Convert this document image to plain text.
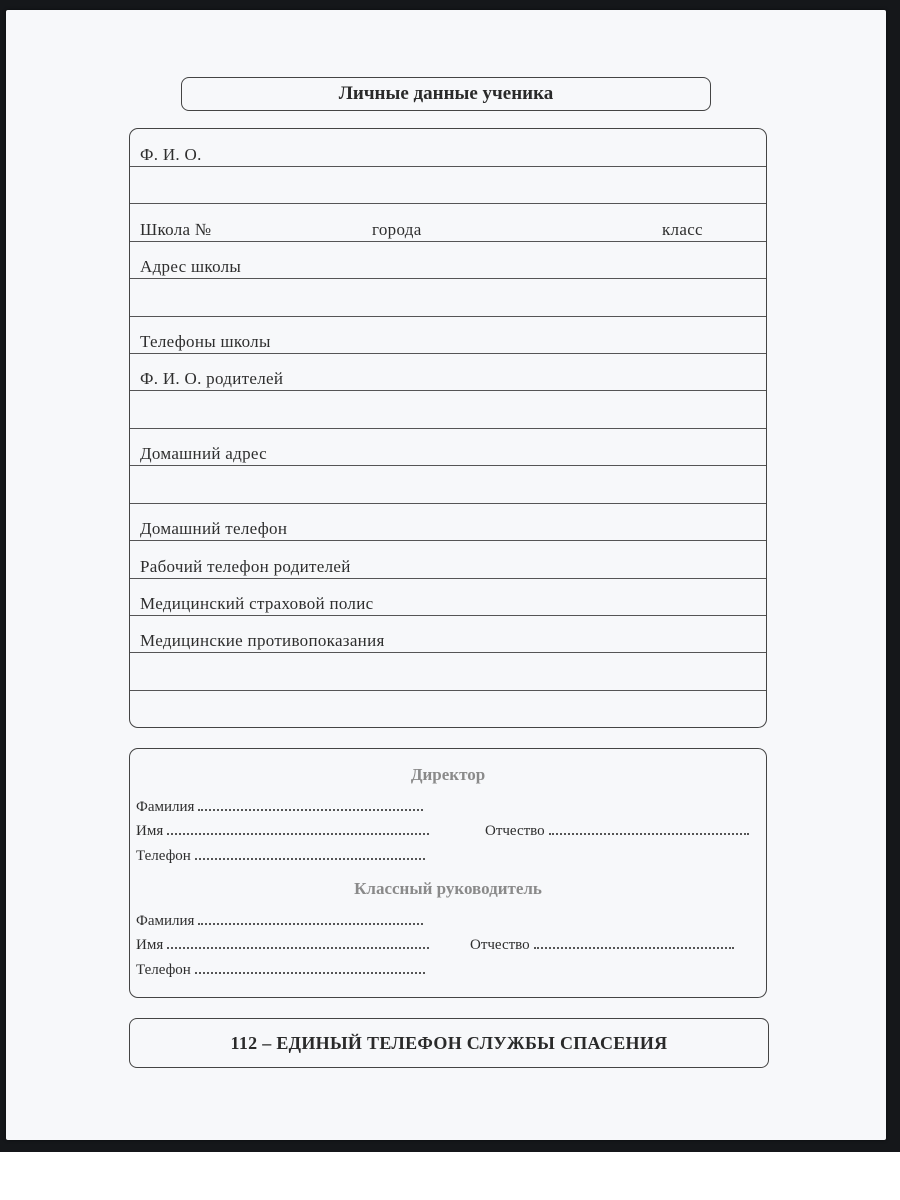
Личные данные ученика
Ф. И. О.
Школа №	города	класс
Адрес школы
Телефоны школы
Ф. И. О. родителей
Домашний адрес
Домашний телефон
Рабочий телефон родителей
Медицинский страховой полис
Медицинские противопоказания
Директор
Фамилия
Имя	Отчество
Телефон
Классный руководитель
Фамилия
Имя	Отчество
Телефон
112 – ЕДИНЫЙ ТЕЛЕФОН СЛУЖБЫ СПАСЕНИЯ
